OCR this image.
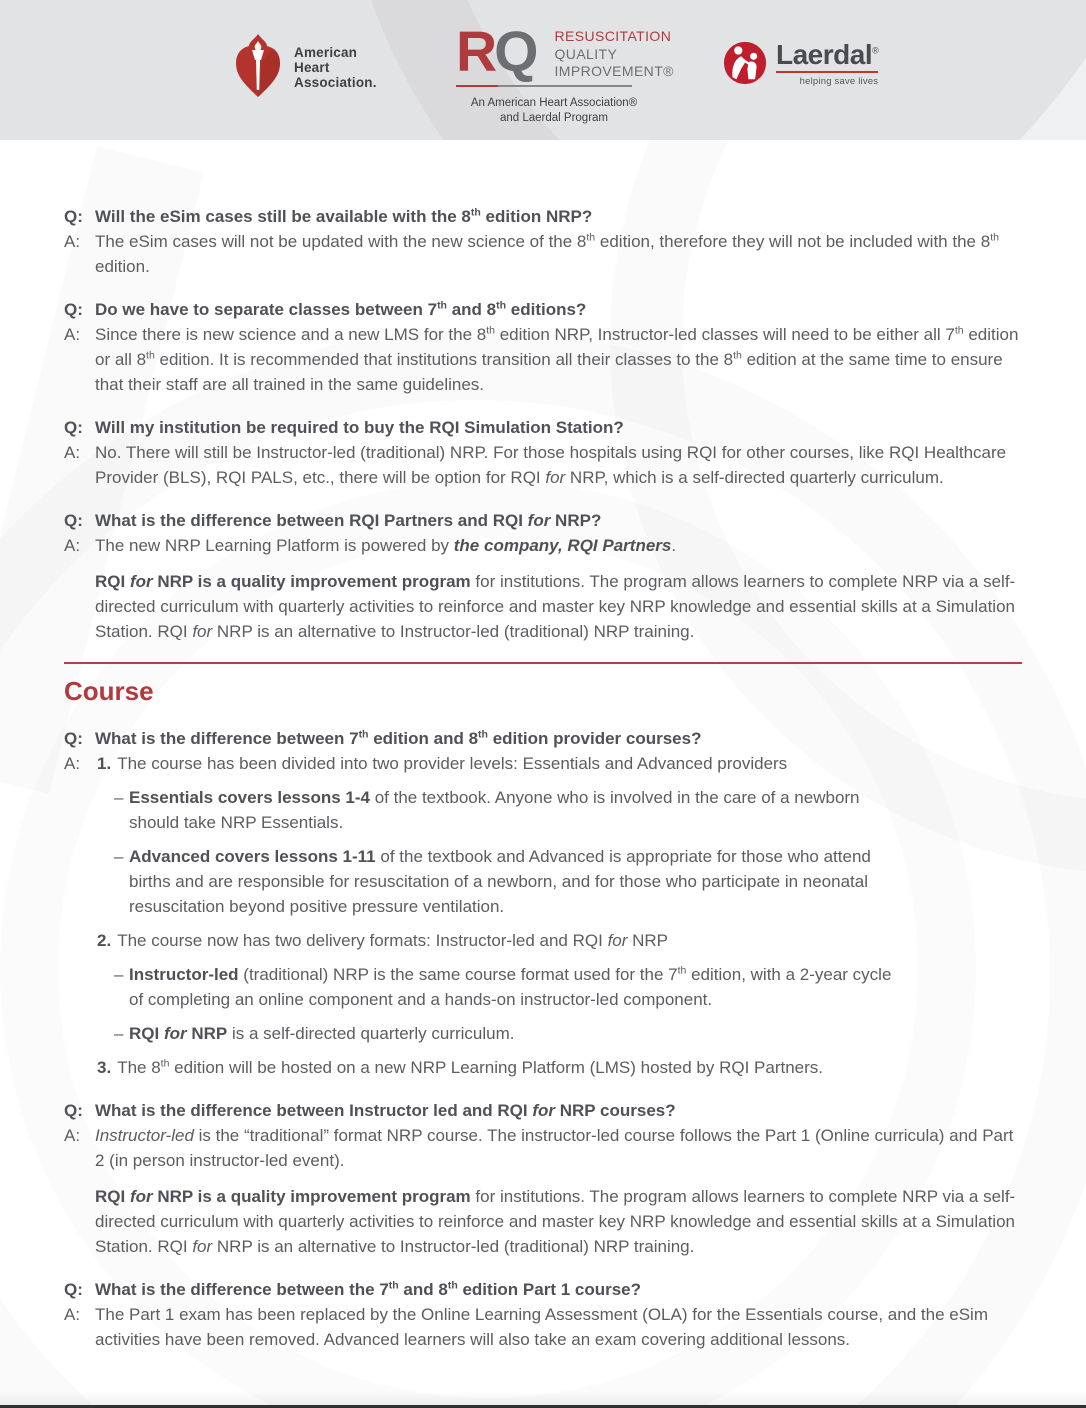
American
Heart
Association. R Q RESUSCITATION
QUALITY
IMPROVEMENT®
An American Heart Association®
and Laerdal Program
Laerdal®
helping save lives
Q: Will the eSim cases still be available with the 8th edition NRP?

A: The eSim cases will not be updated with the new science of the 8th edition, therefore they will not be included with the 8th edition.

Q: Do we have to separate classes between 7th and 8th editions?

A: Since there is new science and a new LMS for the 8th edition NRP, Instructor-led classes will need to be either all 7th edition or all 8th edition. It is recommended that institutions transition all their classes to the 8th edition at the same time to ensure that their staff are all trained in the same guidelines.

Q: Will my institution be required to buy the RQI Simulation Station?

A: No. There will still be Instructor-led (traditional) NRP. For those hospitals using RQI for other courses, like RQI Healthcare Provider (BLS), RQI PALS, etc., there will be option for RQI for NRP, which is a self-directed quarterly curriculum.

Q: What is the difference between RQI Partners and RQI for NRP?

A: The new NRP Learning Platform is powered by the company, RQI Partners.

RQI for NRP is a quality improvement program for institutions. The program allows learners to complete NRP via a self-directed curriculum with quarterly activities to reinforce and master key NRP knowledge and essential skills at a Simulation Station. RQI for NRP is an alternative to Instructor-led (traditional) NRP training.

Course
Q: What is the difference between 7th edition and 8th edition provider courses?

A: 1. The course has been divided into two provider levels: Essentials and Advanced providers

– Essentials covers lessons 1-4 of the textbook. Anyone who is involved in the care of a newborn should take NRP Essentials.

– Advanced covers lessons 1-11 of the textbook and Advanced is appropriate for those who attend births and are responsible for resuscitation of a newborn, and for those who participate in neonatal resuscitation beyond positive pressure ventilation.

2. The course now has two delivery formats: Instructor-led and RQI for NRP

– Instructor-led (traditional) NRP is the same course format used for the 7th edition, with a 2-year cycle of completing an online component and a hands-on instructor-led component.

– RQI for NRP is a self-directed quarterly curriculum.

3. The 8th edition will be hosted on a new NRP Learning Platform (LMS) hosted by RQI Partners.

Q: What is the difference between Instructor led and RQI for NRP courses?

A: Instructor-led is the “traditional” format NRP course. The instructor-led course follows the Part 1 (Online curricula) and Part 2 (in person instructor-led event).

RQI for NRP is a quality improvement program for institutions. The program allows learners to complete NRP via a self-directed curriculum with quarterly activities to reinforce and master key NRP knowledge and essential skills at a Simulation Station. RQI for NRP is an alternative to Instructor-led (traditional) NRP training.

Q: What is the difference between the 7th and 8th edition Part 1 course?

A: The Part 1 exam has been replaced by the Online Learning Assessment (OLA) for the Essentials course, and the eSim activities have been removed. Advanced learners will also take an exam covering additional lessons.
